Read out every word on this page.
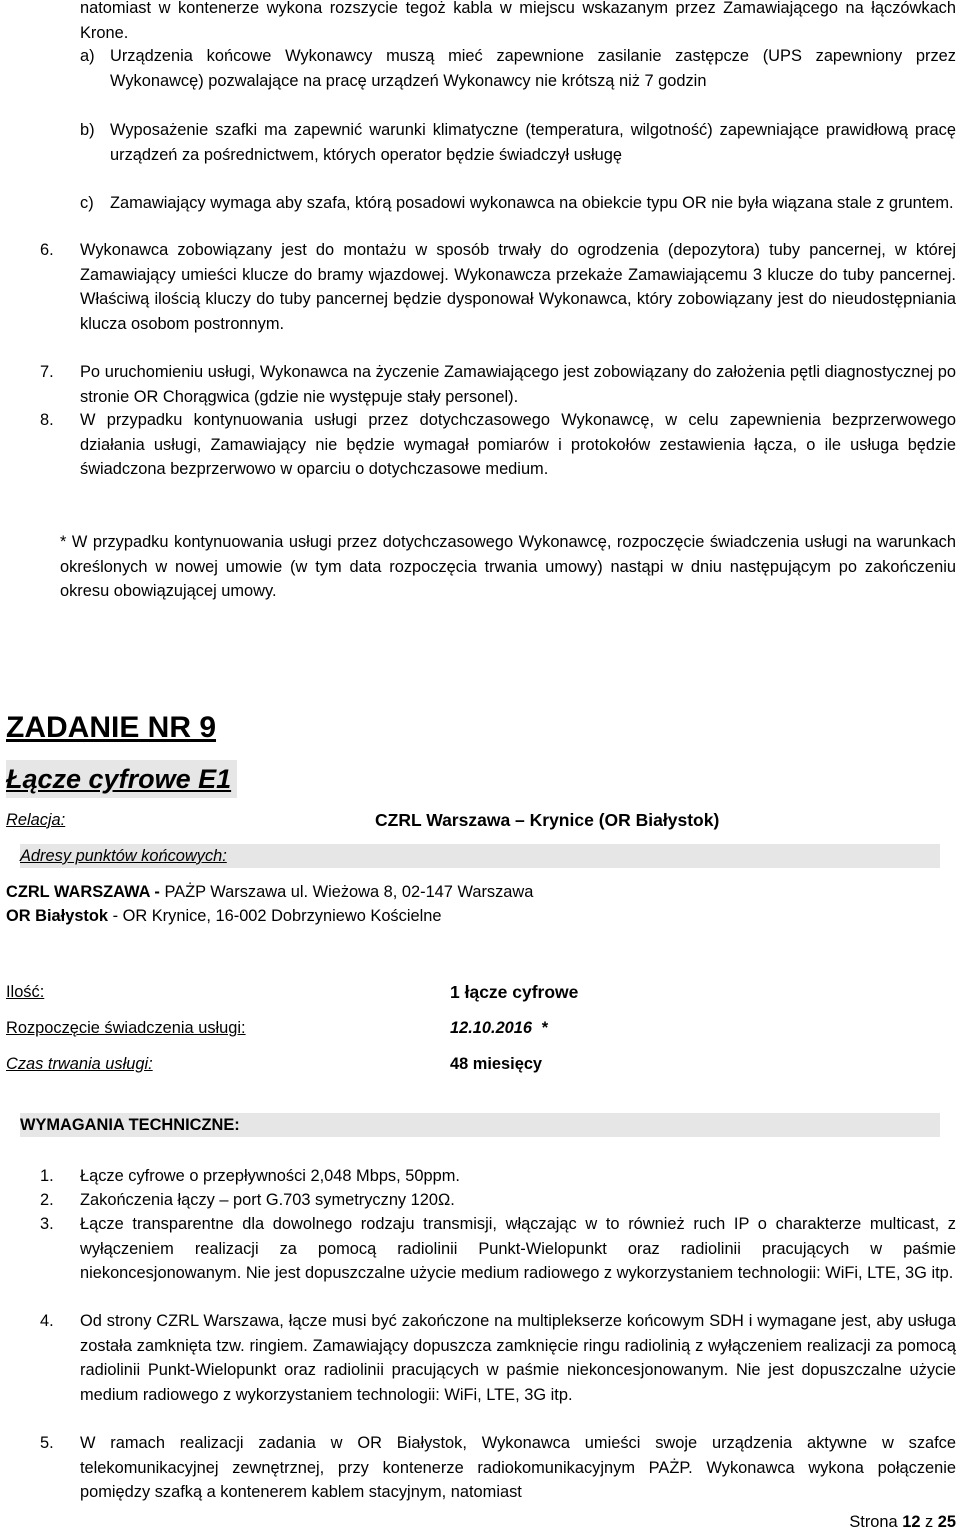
natomiast w kontenerze wykona rozszycie tegoż kabla w miejscu wskazanym przez Zamawiającego na łączówkach Krone.

a) Urządzenia końcowe Wykonawcy muszą mieć zapewnione zasilanie zastępcze (UPS zapewniony przez Wykonawcę) pozwalające na pracę urządzeń Wykonawcy nie krótszą niż 7 godzin

b) Wyposażenie szafki ma zapewnić warunki klimatyczne (temperatura, wilgotność) zapewniające prawidłową pracę urządzeń za pośrednictwem, których operator będzie świadczył usługę

c) Zamawiający wymaga aby szafa, którą posadowi wykonawca na obiekcie typu OR nie była wiązana stale z gruntem.

6. Wykonawca zobowiązany jest do montażu w sposób trwały do ogrodzenia (depozytora) tuby pancernej, w której Zamawiający umieści klucze do bramy wjazdowej. Wykonawcza przekaże Zamawiającemu 3 klucze do tuby pancernej. Właściwą ilością kluczy do tuby pancernej będzie dysponował Wykonawca, który zobowiązany jest do nieudostępniania klucza osobom postronnym.

7. Po uruchomieniu usługi, Wykonawca na życzenie Zamawiającego jest zobowiązany do założenia pętli diagnostycznej po stronie OR Chorągwica (gdzie nie występuje stały personel).

8. W przypadku kontynuowania usługi przez dotychczasowego Wykonawcę, w celu zapewnienia bezprzerwowego działania usługi, Zamawiający nie będzie wymagał pomiarów i protokołów zestawienia łącza, o ile usługa będzie świadczona bezprzerwowo w oparciu o dotychczasowe medium.

* W przypadku kontynuowania usługi przez dotychczasowego Wykonawcę, rozpoczęcie świadczenia usługi na warunkach określonych w nowej umowie (w tym data rozpoczęcia trwania umowy) nastąpi w dniu następującym po zakończeniu okresu obowiązującej umowy.

ZADANIE NR 9
Łącze cyfrowe E1
Relacja:	CZRL Warszawa – Krynice (OR Białystok)
Adresy punktów końcowych:
CZRL WARSZAWA - PAŻP Warszawa ul. Wieżowa 8, 02-147 Warszawa
OR Białystok - OR Krynice, 16-002 Dobrzyniewo Kościelne
Ilość:	1 łącze cyfrowe
Rozpoczęcie świadczenia usługi:	12.10.2016  *
Czas trwania usługi:	48 miesięcy
WYMAGANIA TECHNICZNE:

1. Łącze cyfrowe o przepływności 2,048 Mbps, 50ppm.

2. Zakończenia łączy – port G.703 symetryczny 120Ω.

3. Łącze transparentne dla dowolnego rodzaju transmisji, włączając w to również ruch IP o charakterze multicast, z wyłączeniem realizacji za pomocą radiolinii Punkt-Wielopunkt oraz radiolinii pracujących w paśmie niekoncesjonowanym. Nie jest dopuszczalne użycie medium radiowego z wykorzystaniem technologii: WiFi, LTE, 3G itp.

4. Od strony CZRL Warszawa, łącze musi być zakończone na multiplekserze końcowym SDH i wymagane jest, aby usługa została zamknięta tzw. ringiem. Zamawiający dopuszcza zamknięcie ringu radiolinią z wyłączeniem realizacji za pomocą radiolinii Punkt-Wielopunkt oraz radiolinii pracujących w paśmie niekoncesjonowanym. Nie jest dopuszczalne użycie medium radiowego z wykorzystaniem technologii: WiFi, LTE, 3G itp.

5. W ramach realizacji zadania w OR Białystok, Wykonawca umieści swoje urządzenia aktywne w szafce telekomunikacyjnej zewnętrznej, przy kontenerze radiokomunikacyjnym PAŻP. Wykonawca wykona połączenie pomiędzy szafką a kontenerem kablem stacyjnym, natomiast

Strona 12 z 25
